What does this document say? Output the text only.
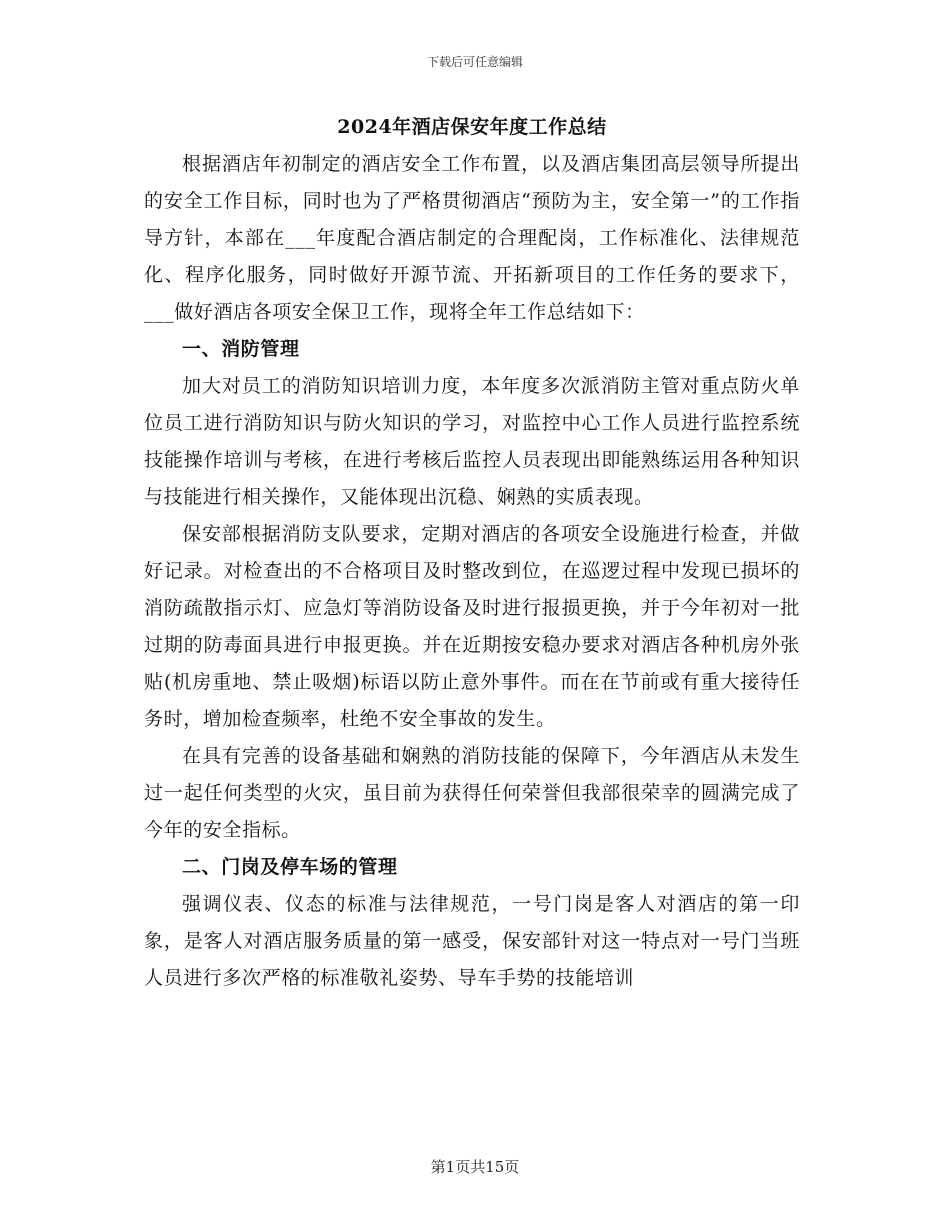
下载后可任意编辑
2024年酒店保安年度工作总结

根据酒店年初制定的酒店安全工作布置，以及酒店集团高层领导所提出的安全工作目标，同时也为了严格贯彻酒店“预防为主，安全第一”的工作指导方针，本部在___年度配合酒店制定的合理配岗，工作标准化、法律规范化、程序化服务，同时做好开源节流、开拓新项目的工作任务的要求下，___做好酒店各项安全保卫工作，现将全年工作总结如下：

一、消防管理

加大对员工的消防知识培训力度，本年度多次派消防主管对重点防火单位员工进行消防知识与防火知识的学习，对监控中心工作人员进行监控系统技能操作培训与考核，在进行考核后监控人员表现出即能熟练运用各种知识与技能进行相关操作，又能体现出沉稳、娴熟的实质表现。

保安部根据消防支队要求，定期对酒店的各项安全设施进行检查，并做好记录。对检查出的不合格项目及时整改到位，在巡逻过程中发现已损坏的消防疏散指示灯、应急灯等消防设备及时进行报损更换，并于今年初对一批过期的防毒面具进行申报更换。并在近期按安稳办要求对酒店各种机房外张贴(机房重地、禁止吸烟)标语以防止意外事件。而在在节前或有重大接待任务时，增加检查频率，杜绝不安全事故的发生。

在具有完善的设备基础和娴熟的消防技能的保障下，今年酒店从未发生过一起任何类型的火灾，虽目前为获得任何荣誉但我部很荣幸的圆满完成了今年的安全指标。

二、门岗及停车场的管理

强调仪表、仪态的标准与法律规范，一号门岗是客人对酒店的第一印象，是客人对酒店服务质量的第一感受，保安部针对这一特点对一号门当班人员进行多次严格的标准敬礼姿势、导车手势的技能培训

第1页共15页
